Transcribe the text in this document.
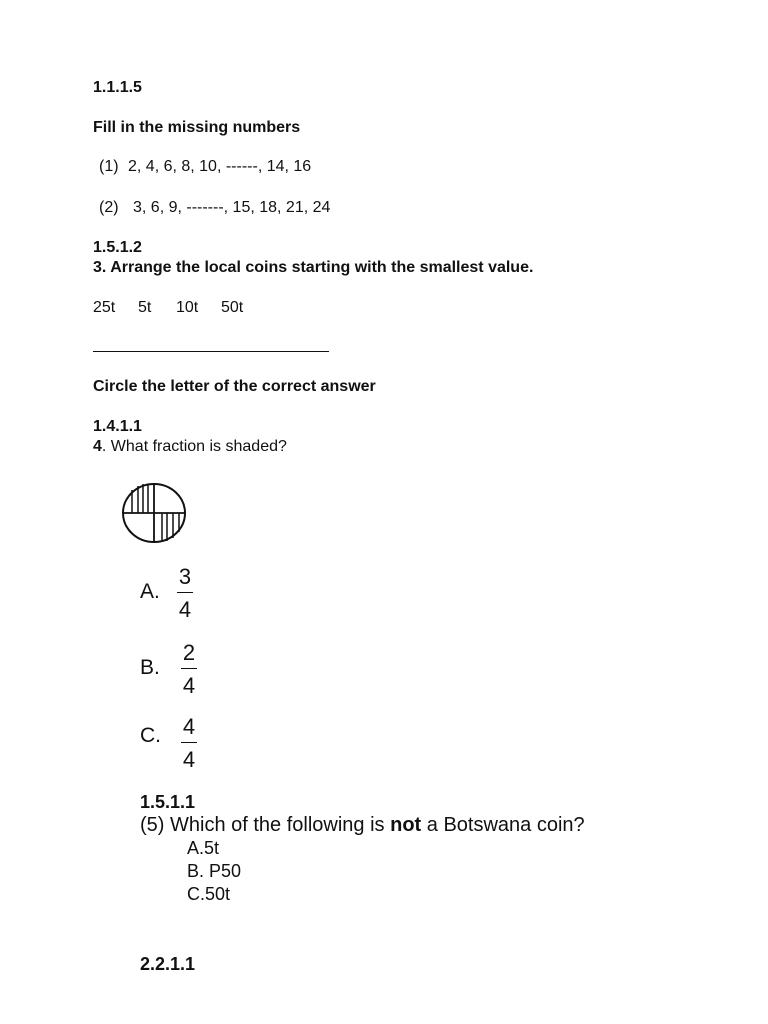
1.1.1.5
Fill in the missing numbers
(1) 2, 4, 6, 8, 10, ------, 14, 16
(2) 3, 6, 9, -------, 15, 18, 21, 24
1.5.1.2
3. Arrange the local coins starting with the smallest value.
25t 5t 10t 50t
Circle the letter of the correct answer
1.4.1.1
4. What fraction is shaded?
A.
3
4
B.
2
4
C. 4
4
1.5.1.1
(5) Which of the following is not a Botswana coin?
A.5t
B. P50
C.50t
2.2.1.1
